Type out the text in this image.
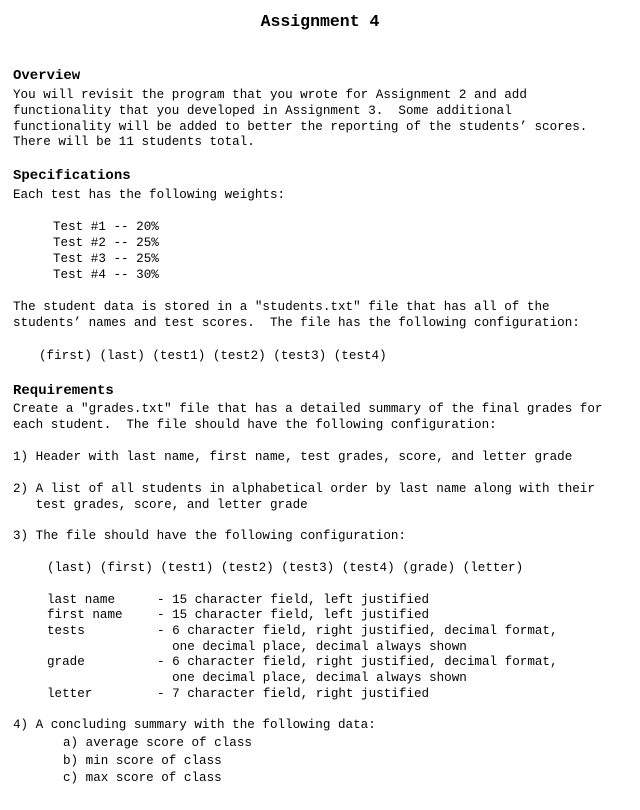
Assignment 4
Overview
You will revisit the program that you wrote for Assignment 2 and add
functionality that you developed in Assignment 3.  Some additional
functionality will be added to better the reporting of the students’ scores.
There will be 11 students total.
Specifications
Each test has the following weights:
Test #1 -- 20%
Test #2 -- 25%
Test #3 -- 25%
Test #4 -- 30%
The student data is stored in a "students.txt" file that has all of the
students’ names and test scores.  The file has the following configuration:
(first) (last) (test1) (test2) (test3) (test4)
Requirements
Create a "grades.txt" file that has a detailed summary of the final grades for
each student.  The file should have the following configuration:
1) Header with last name, first name, test grades, score, and letter grade
2) A list of all students in alphabetical order by last name along with their
test grades, score, and letter grade
3) The file should have the following configuration:
(last) (first) (test1) (test2) (test3) (test4) (grade) (letter)
last name	- 15 character field, left justified
first name	- 15 character field, left justified
tests	- 6 character field, right justified, decimal format,
one decimal place, decimal always shown
grade	- 6 character field, right justified, decimal format,
one decimal place, decimal always shown
letter	- 7 character field, right justified
4) A concluding summary with the following data:
a) average score of class
b) min score of class
c) max score of class
